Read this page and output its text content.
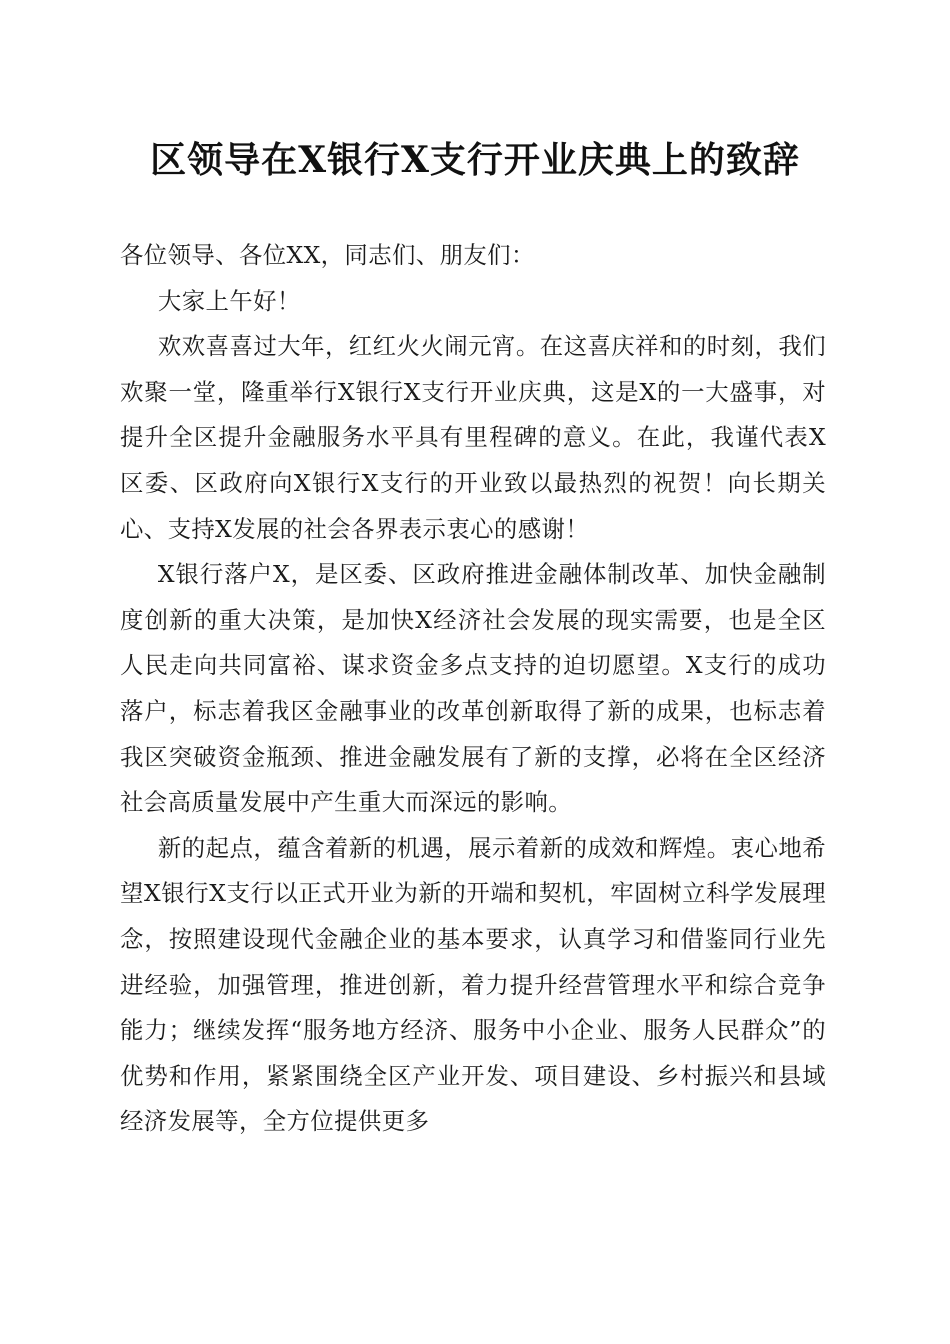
区领导在X银行X支行开业庆典上的致辞

各位领导、各位XX，同志们、朋友们：

大家上午好！

欢欢喜喜过大年，红红火火闹元宵。在这喜庆祥和的时刻，我们欢聚一堂，隆重举行X银行X支行开业庆典，这是X的一大盛事，对提升全区提升金融服务水平具有里程碑的意义。在此，我谨代表X区委、区政府向X银行X支行的开业致以最热烈的祝贺！向长期关心、支持X发展的社会各界表示衷心的感谢！

X银行落户X，是区委、区政府推进金融体制改革、加快金融制度创新的重大决策，是加快X经济社会发展的现实需要，也是全区人民走向共同富裕、谋求资金多点支持的迫切愿望。X支行的成功落户，标志着我区金融事业的改革创新取得了新的成果，也标志着我区突破资金瓶颈、推进金融发展有了新的支撑，必将在全区经济社会高质量发展中产生重大而深远的影响。

新的起点，蕴含着新的机遇，展示着新的成效和辉煌。衷心地希望X银行X支行以正式开业为新的开端和契机，牢固树立科学发展理念，按照建设现代金融企业的基本要求，认真学习和借鉴同行业先进经验，加强管理，推进创新，着力提升经营管理水平和综合竞争能力；继续发挥“服务地方经济、服务中小企业、服务人民群众”的优势和作用，紧紧围绕全区产业开发、项目建设、乡村振兴和县域经济发展等，全方位提供更多
